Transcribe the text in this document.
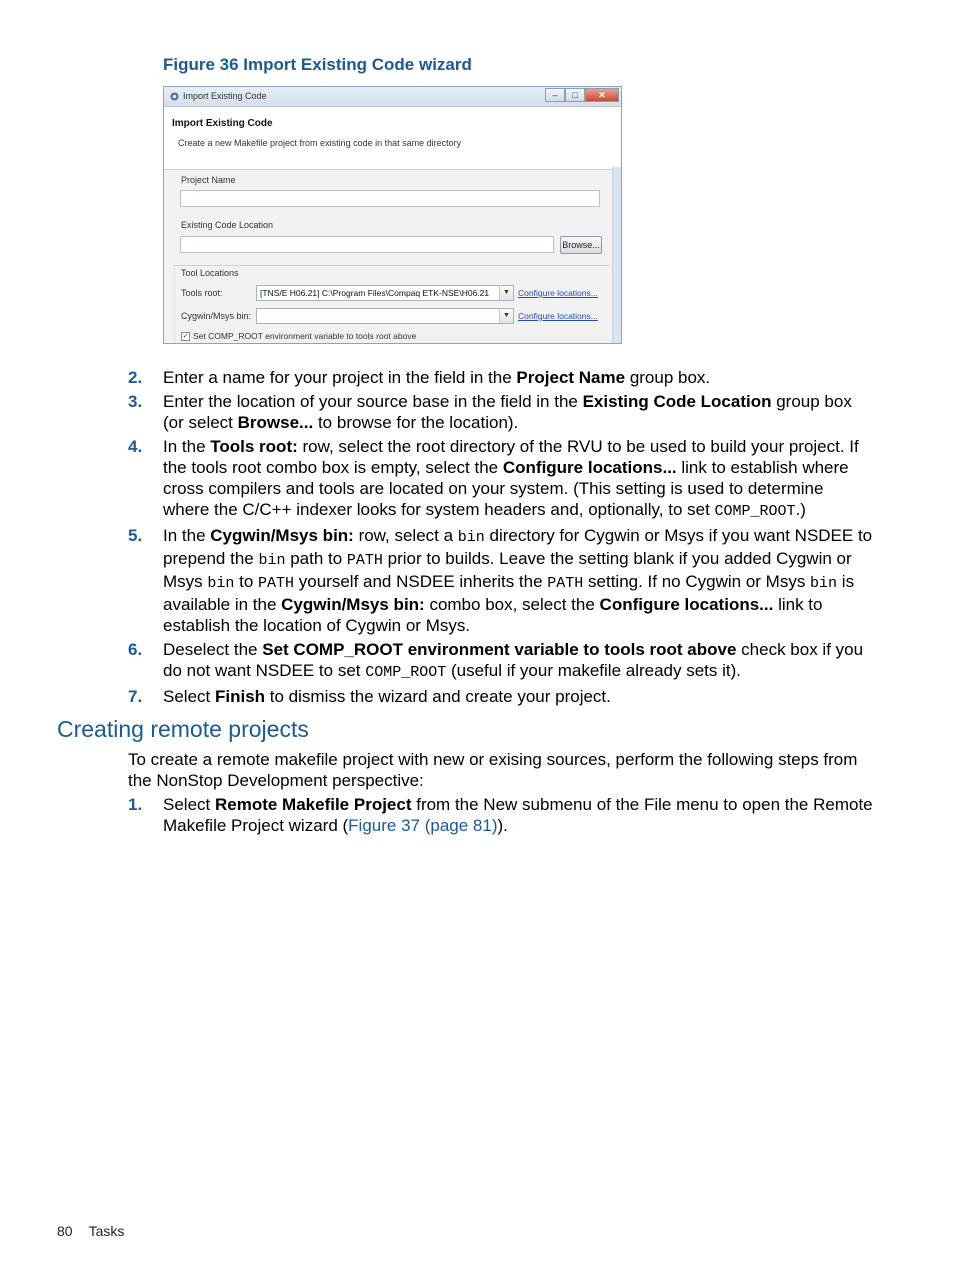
Figure 36 Import Existing Code wizard
Import Existing Code	–	□	✕
Import Existing Code
Create a new Makefile project from existing code in that same directory
Project Name
Existing Code Location
Browse...
Tool Locations
Tools root:	[TNS/E H06.21] C:\Program Files\Compaq ETK-NSE\H06.21	▼ Configure locations...
Cygwin/Msys bin:	▼ Configure locations...
✓ Set COMP_ROOT environment variable to tools root above
2. Enter a name for your project in the field in the Project Name group box.
3. Enter the location of your source base in the field in the Existing Code Location group box (or select Browse... to browse for the location).
4. In the Tools root: row, select the root directory of the RVU to be used to build your project. If the tools root combo box is empty, select the Configure locations... link to establish where cross compilers and tools are located on your system. (This setting is used to determine where the C/C++ indexer looks for system headers and, optionally, to set COMP_ROOT.)
5. In the Cygwin/Msys bin: row, select a bin directory for Cygwin or Msys if you want NSDEE to prepend the bin path to PATH prior to builds. Leave the setting blank if you added Cygwin or Msys bin to PATH yourself and NSDEE inherits the PATH setting. If no Cygwin or Msys bin is available in the Cygwin/Msys bin: combo box, select the Configure locations... link to establish the location of Cygwin or Msys.
6. Deselect the Set COMP_ROOT environment variable to tools root above check box if you do not want NSDEE to set COMP_ROOT (useful if your makefile already sets it).
7. Select Finish to dismiss the wizard and create your project.
Creating remote projects

To create a remote makefile project with new or exising sources, perform the following steps from the NonStop Development perspective:

1. Select Remote Makefile Project from the New submenu of the File menu to open the Remote Makefile Project wizard (Figure 37 (page 81)).
80 Tasks
